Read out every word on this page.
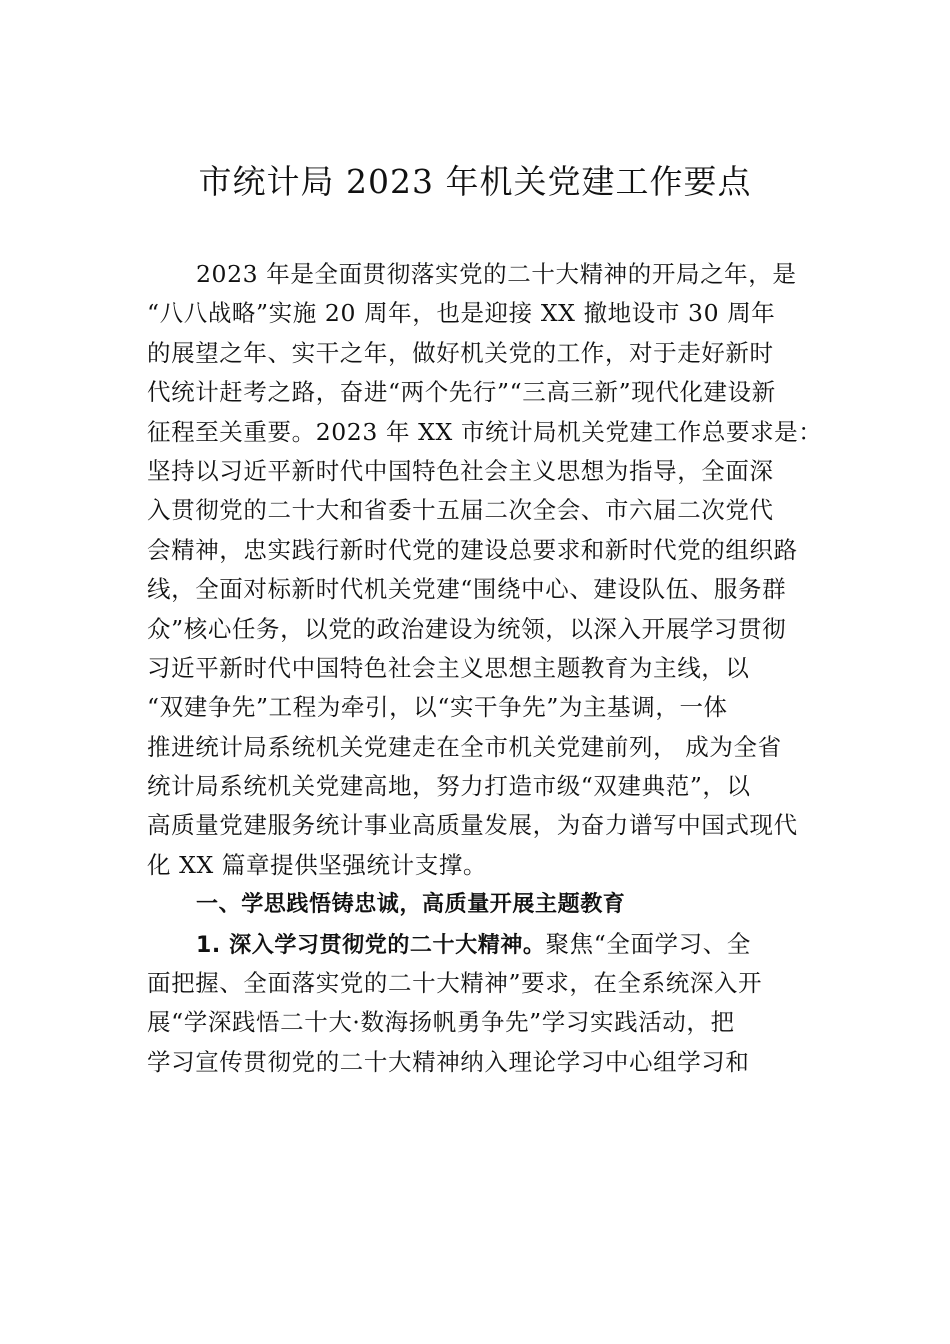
市统计局 2023 年机关党建工作要点
2023 年是全面贯彻落实党的二十大精神的开局之年，是
“八八战略”实施 20 周年，也是迎接 XX 撤地设市 30 周年
的展望之年、实干之年，做好机关党的工作，对于走好新时
代统计赶考之路，奋进“两个先行”“三高三新”现代化建设新
征程至关重要。2023 年 XX 市统计局机关党建工作总要求是：
坚持以习近平新时代中国特色社会主义思想为指导，全面深
入贯彻党的二十大和省委十五届二次全会、市六届二次党代
会精神，忠实践行新时代党的建设总要求和新时代党的组织路
线，全面对标新时代机关党建“围绕中心、建设队伍、服务群
众”核心任务，以党的政治建设为统领，以深入开展学习贯彻
习近平新时代中国特色社会主义思想主题教育为主线，以
“双建争先”工程为牵引，以“实干争先”为主基调，一体
推进统计局系统机关党建走在全市机关党建前列， 成为全省
统计局系统机关党建高地，努力打造市级“双建典范”，以
高质量党建服务统计事业高质量发展，为奋力谱写中国式现代
化 XX 篇章提供坚强统计支撑。
一、学思践悟铸忠诚，高质量开展主题教育
1. 深入学习贯彻党的二十大精神。聚焦“全面学习、全
面把握、全面落实党的二十大精神”要求，在全系统深入开
展“学深践悟二十大·数海扬帆勇争先”学习实践活动，把
学习宣传贯彻党的二十大精神纳入理论学习中心组学习和
